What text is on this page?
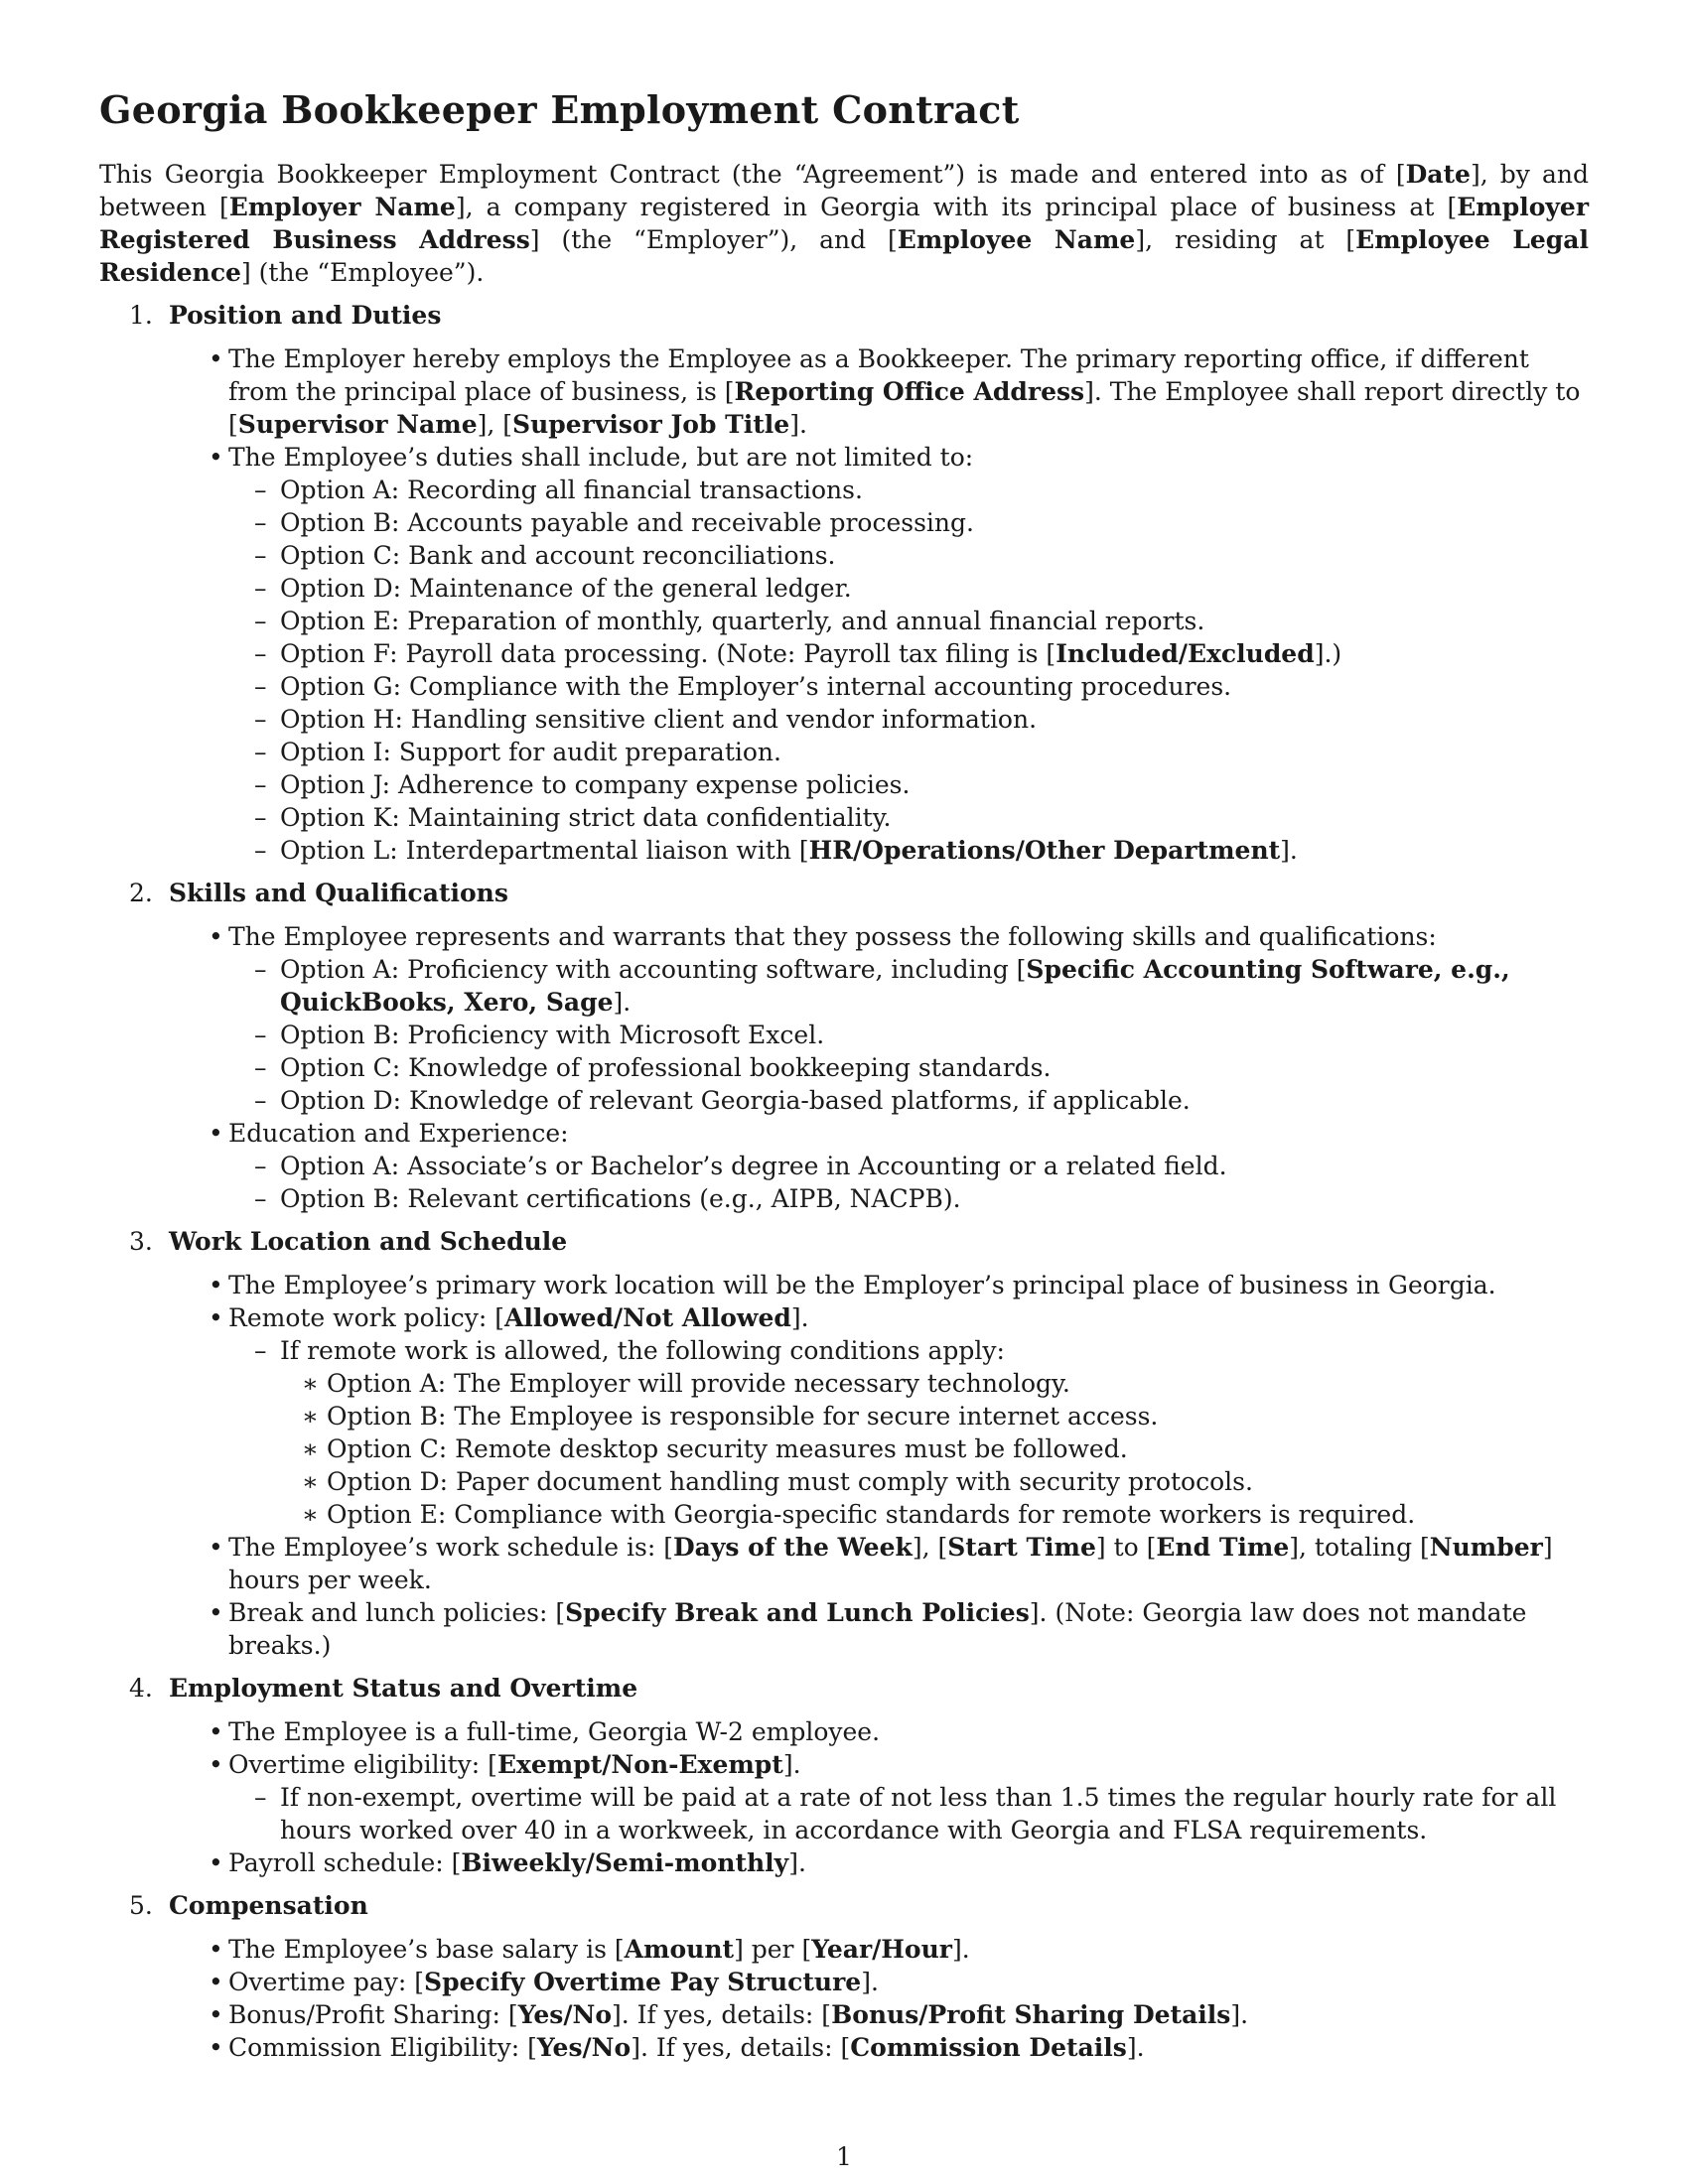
Georgia Bookkeeper Employment Contract

This Georgia Bookkeeper Employment Contract (the “Agreement”) is made and entered into as of [Date], by and between [Employer Name], a company registered in Georgia with its principal place of business at [Employer Registered Business Address] (the “Employer”), and [Employee Name], residing at [Employee Legal Residence] (the “Employee”).

1. Position and Duties
• The Employer hereby employs the Employee as a Bookkeeper. The primary reporting office, if different from the principal place of business, is [Reporting Office Address]. The Employee shall report directly to [Supervisor Name], [Supervisor Job Title].
• The Employee’s duties shall include, but are not limited to:
– Option A: Recording all financial transactions.
– Option B: Accounts payable and receivable processing.
– Option C: Bank and account reconciliations.
– Option D: Maintenance of the general ledger.
– Option E: Preparation of monthly, quarterly, and annual financial reports.
– Option F: Payroll data processing. (Note: Payroll tax filing is [Included/Excluded].)
– Option G: Compliance with the Employer’s internal accounting procedures.
– Option H: Handling sensitive client and vendor information.
– Option I: Support for audit preparation.
– Option J: Adherence to company expense policies.
– Option K: Maintaining strict data confidentiality.
– Option L: Interdepartmental liaison with [HR/Operations/Other Department].
2. Skills and Qualifications
• The Employee represents and warrants that they possess the following skills and qualifications:
– Option A: Proficiency with accounting software, including [Specific Accounting Software, e.g., QuickBooks, Xero, Sage].
– Option B: Proficiency with Microsoft Excel.
– Option C: Knowledge of professional bookkeeping standards.
– Option D: Knowledge of relevant Georgia-based platforms, if applicable.
• Education and Experience:
– Option A: Associate’s or Bachelor’s degree in Accounting or a related field.
– Option B: Relevant certifications (e.g., AIPB, NACPB).
3. Work Location and Schedule
• The Employee’s primary work location will be the Employer’s principal place of business in Georgia.
• Remote work policy: [Allowed/Not Allowed].
– If remote work is allowed, the following conditions apply:
∗ Option A: The Employer will provide necessary technology.
∗ Option B: The Employee is responsible for secure internet access.
∗ Option C: Remote desktop security measures must be followed.
∗ Option D: Paper document handling must comply with security protocols.
∗ Option E: Compliance with Georgia-specific standards for remote workers is required.
• The Employee’s work schedule is: [Days of the Week], [Start Time] to [End Time], totaling [Number] hours per week.
• Break and lunch policies: [Specify Break and Lunch Policies]. (Note: Georgia law does not mandate breaks.)
4. Employment Status and Overtime
• The Employee is a full-time, Georgia W-2 employee.
• Overtime eligibility: [Exempt/Non-Exempt].
– If non-exempt, overtime will be paid at a rate of not less than 1.5 times the regular hourly rate for all hours worked over 40 in a workweek, in accordance with Georgia and FLSA requirements.
• Payroll schedule: [Biweekly/Semi-monthly].
5. Compensation
• The Employee’s base salary is [Amount] per [Year/Hour].
• Overtime pay: [Specify Overtime Pay Structure].
• Bonus/Profit Sharing: [Yes/No]. If yes, details: [Bonus/Profit Sharing Details].
• Commission Eligibility: [Yes/No]. If yes, details: [Commission Details].
1
